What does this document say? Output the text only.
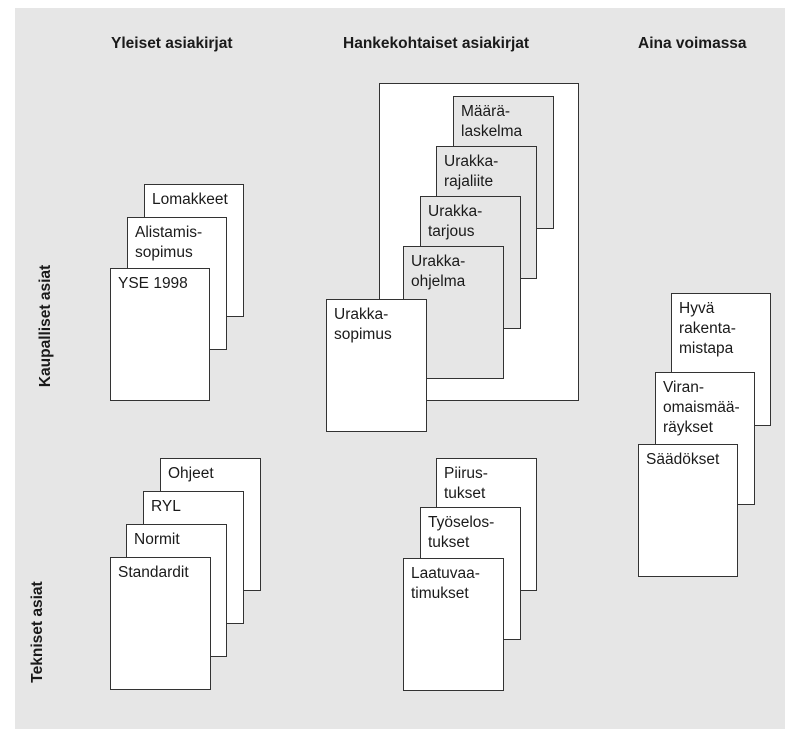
Yleiset asiakirjat	Hankekohtaiset asiakirjat	Aina voimassa
Kaupalliset asiat
Tekniset asiat
Lomakkeet
Alistamis-
sopimus
YSE 1998
Määrä-
laskelma
Urakka-
rajaliite
Urakka-
tarjous
Urakka-
ohjelma
Urakka-
sopimus
Ohjeet
RYL
Normit
Standardit
Piirus-
tukset
Työselos-
tukset
Laatuvaa-
timukset
Hyvä
rakenta-
mistapa
Viran-
omaismää-
räykset
Säädökset
